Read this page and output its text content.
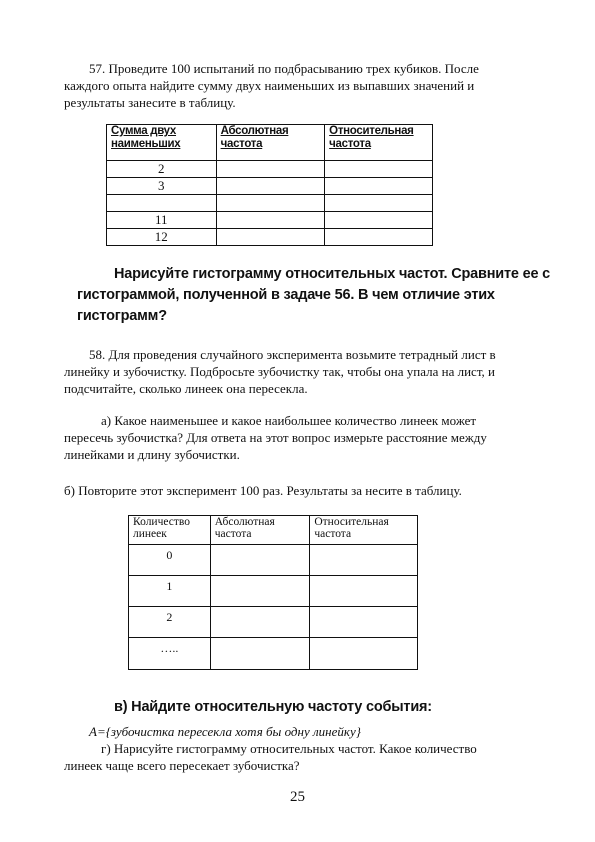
57. Проведите 100 испытаний по подбрасыванию трех кубиков. После

каждого опыта найдите сумму двух наименьших из выпавших значений и

результаты занесите в таблицу.

Сумма двух наименьших	Абсолютная частота	Относительная частота
2		
3		

11		
12		

Нарисуйте гистограмму относительных частот. Сравните ее с

гистограммой, полученной в задаче 56. В чем отличие этих

гистограмм?

58. Для проведения случайного эксперимента возьмите тетрадный лист в

линейку и зубочистку. Подбросьте зубочистку так, чтобы она упала на лист, и

подсчитайте, сколько линеек она пересекла.

а) Какое наименьшее и какое наибольшее количество линеек может

пересечь зубочистка? Для ответа на этот вопрос измерьте расстояние между

линейками и длину зубочистки.

б) Повторите этот эксперимент 100 раз. Результаты за несите в таблицу.

Количество линеек	Абсолютная частота	Относительная частота
0		
1		
2		
…..		

в) Найдите относительную частоту события:

A={зубочистка пересекла хотя бы одну линейку}

г) Нарисуйте гистограмму относительных частот. Какое количество

линеек чаще всего пересекает зубочистка?

25
